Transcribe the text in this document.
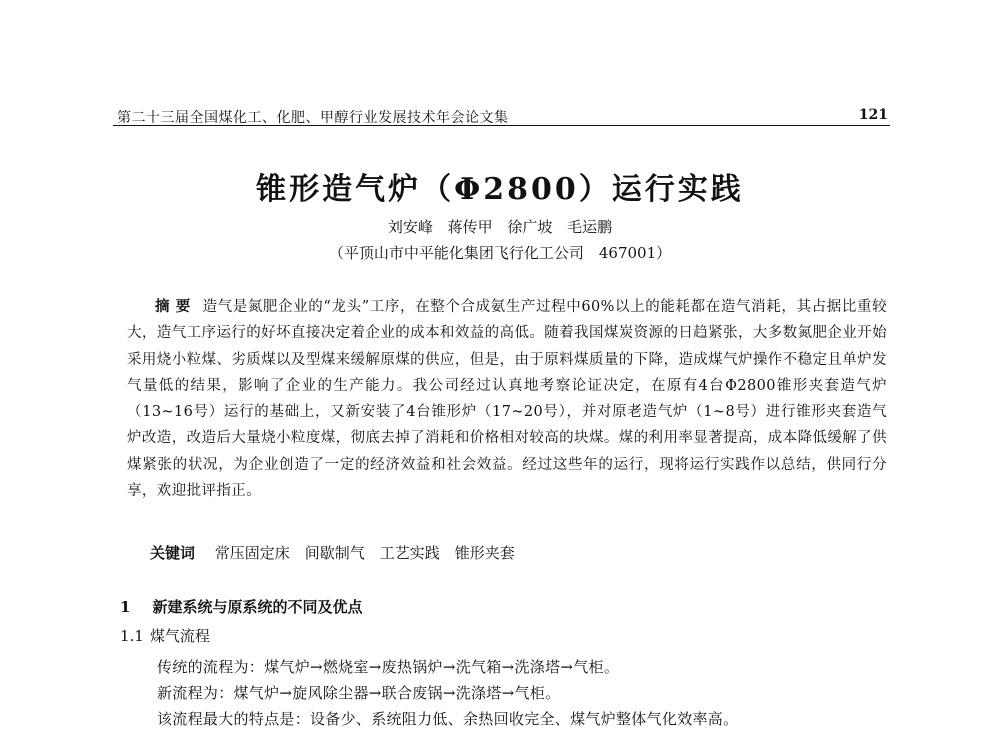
第二十三届全国煤化工、化肥、甲醇行业发展技术年会论文集	121
锥形造气炉（Φ2800）运行实践
刘安峰 蒋传甲 徐广坡 毛运鹏
（平顶山市中平能化集团飞行化工公司　467001）

摘要 造气是氮肥企业的“龙头”工序，在整个合成氨生产过程中60%以上的能耗都在造气消耗，其占据比重较大，造气工序运行的好坏直接决定着企业的成本和效益的高低。随着我国煤炭资源的日趋紧张，大多数氮肥企业开始采用烧小粒煤、劣质煤以及型煤来缓解原煤的供应，但是，由于原料煤质量的下降，造成煤气炉操作不稳定且单炉发气量低的结果，影响了企业的生产能力。我公司经过认真地考察论证决定，在原有4台Φ2800锥形夹套造气炉（13~16号）运行的基础上，又新安装了4台锥形炉（17~20号），并对原老造气炉（1~8号）进行锥形夹套造气炉改造，改造后大量烧小粒度煤，彻底去掉了消耗和价格相对较高的块煤。煤的利用率显著提高，成本降低缓解了供煤紧张的状况，为企业创造了一定的经济效益和社会效益。经过这些年的运行，现将运行实践作以总结，供同行分享，欢迎批评指正。

关键词 常压固定床　间歇制气　工艺实践　锥形夹套
1 新建系统与原系统的不同及优点
1.1 煤气流程
传统的流程为：煤气炉→燃烧室→废热锅炉→洗气箱→洗涤塔→气柜。
新流程为：煤气炉→旋风除尘器→联合废锅→洗涤塔→气柜。
该流程最大的特点是：设备少、系统阻力低、余热回收完全、煤气炉整体气化效率高。
